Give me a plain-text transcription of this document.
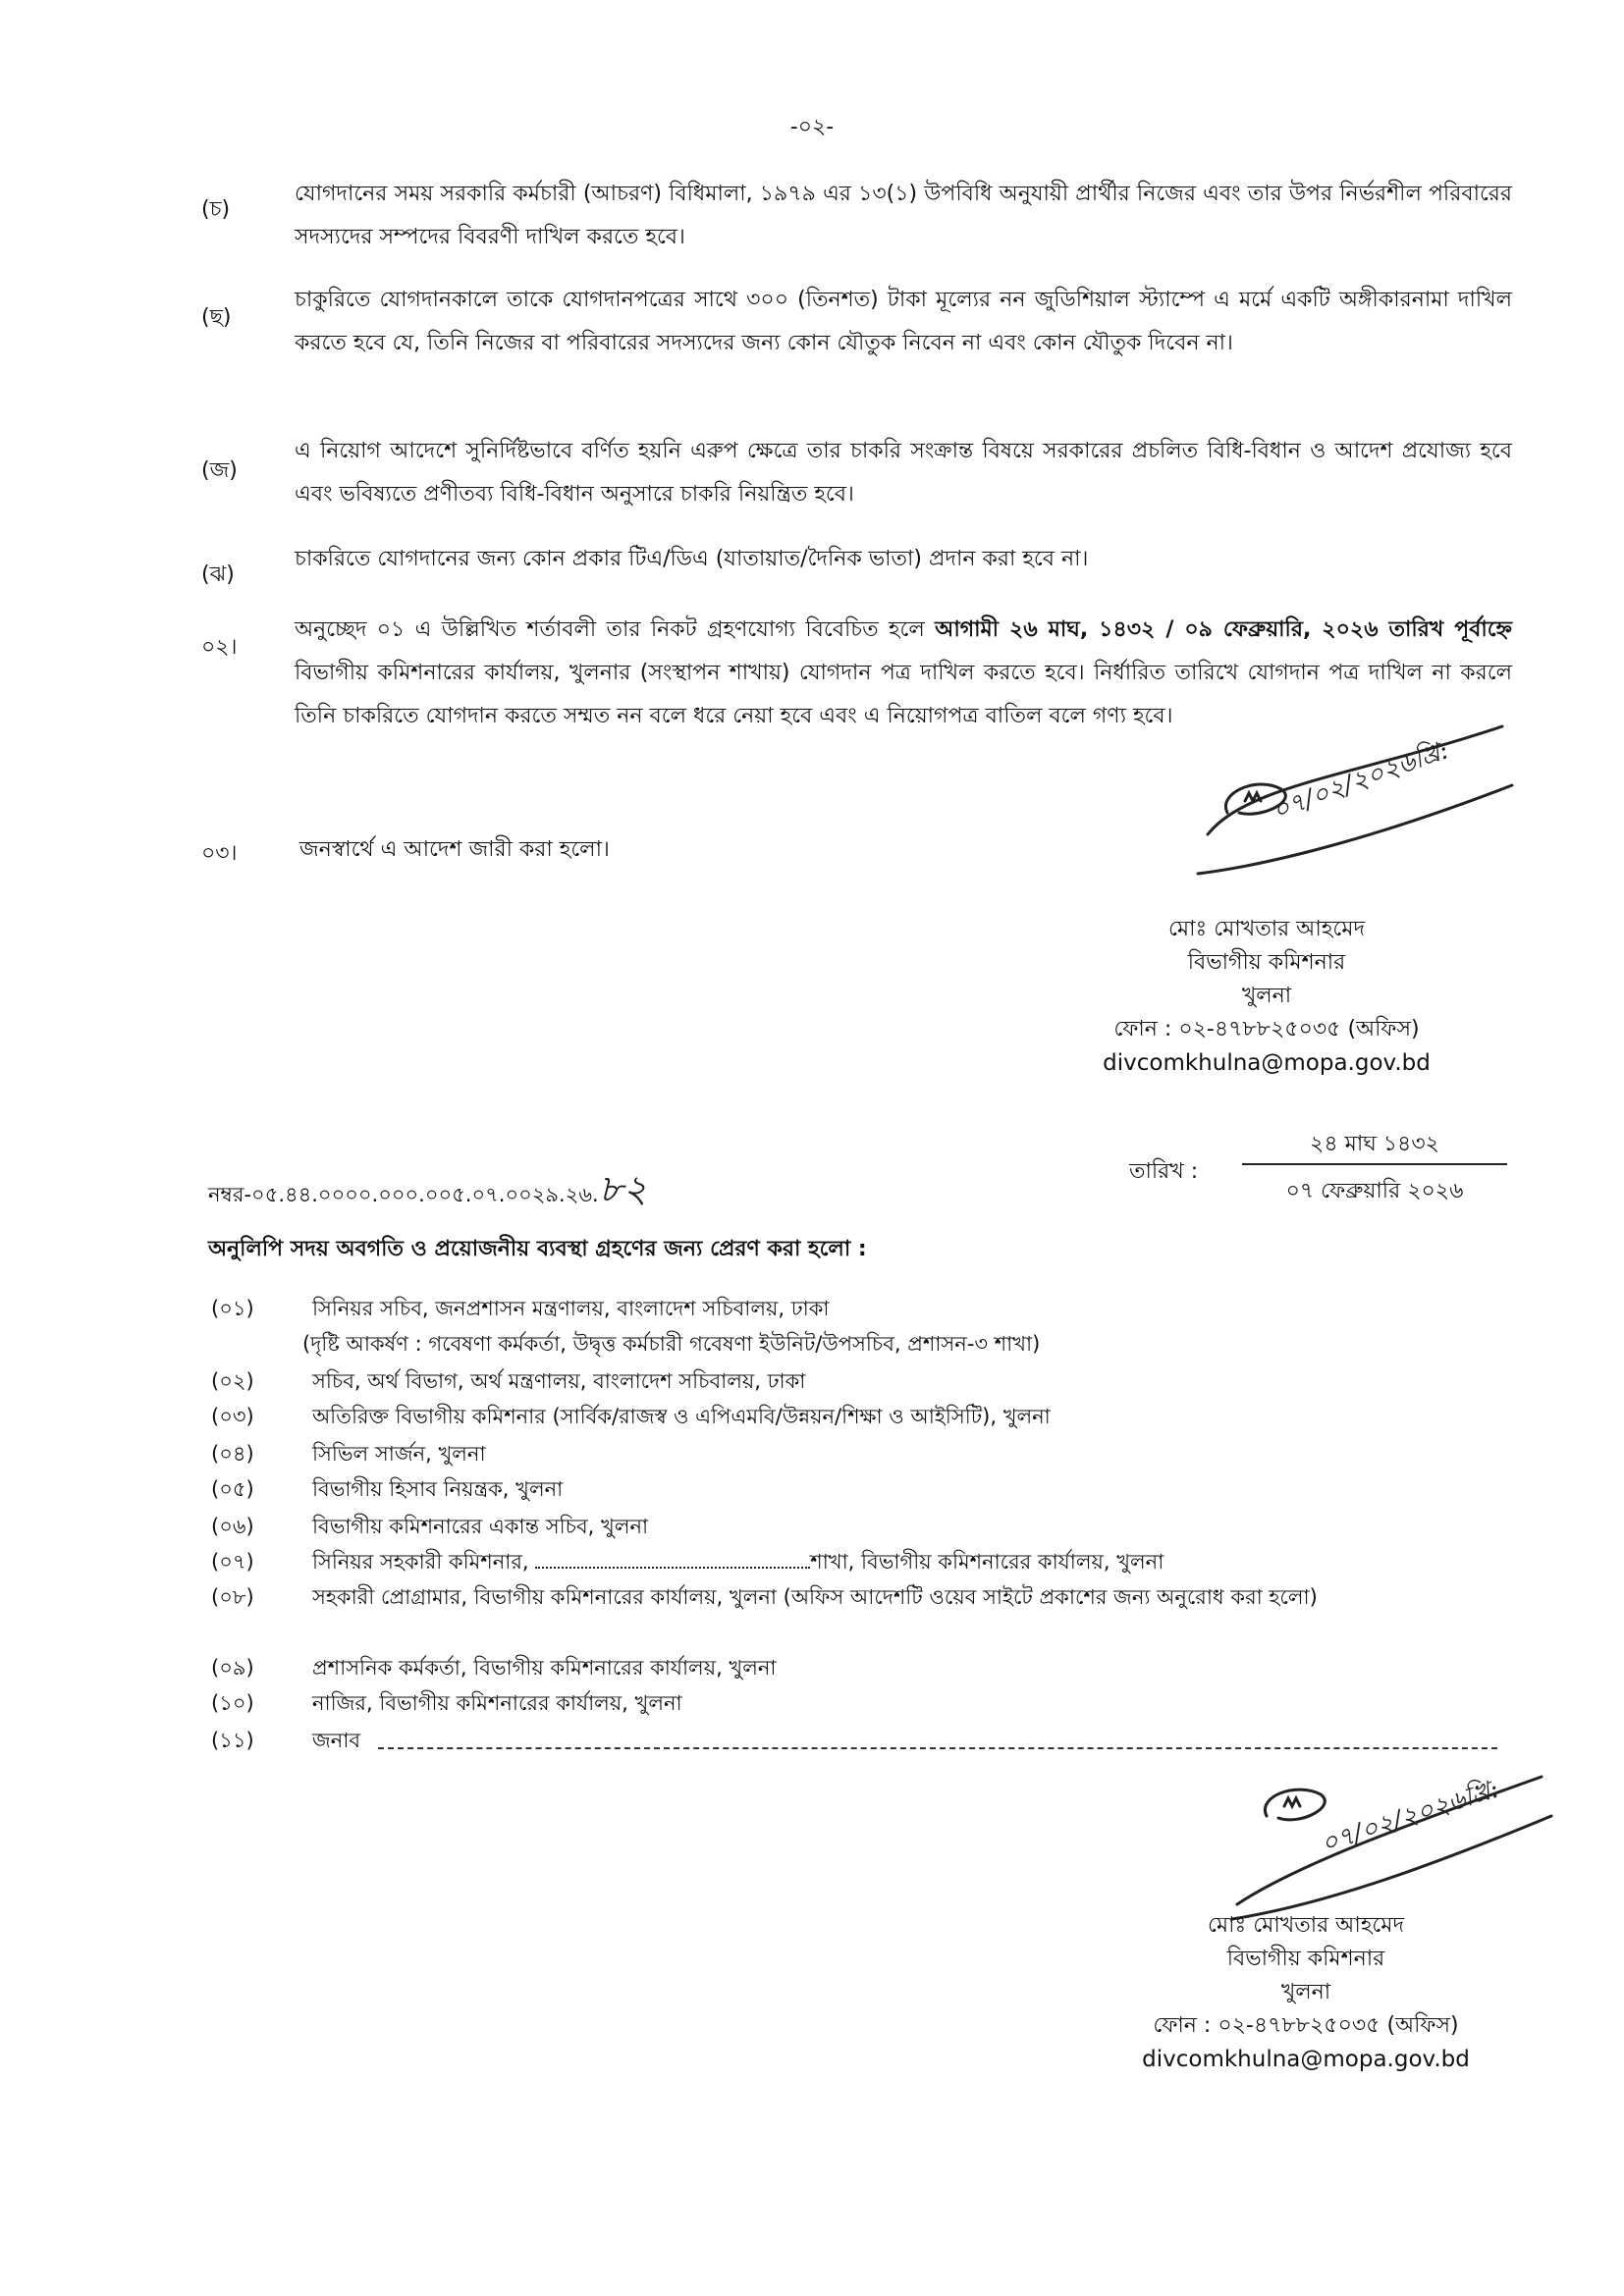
-০২-
(চ)
যোগদানের সময় সরকারি কর্মচারী (আচরণ) বিধিমালা, ১৯৭৯ এর ১৩(১) উপবিধি অনুযায়ী প্রার্থীর নিজের এবং তার উপর নির্ভরশীল পরিবারের সদস্যদের সম্পদের বিবরণী দাখিল করতে হবে।
(ছ)
চাকুরিতে যোগদানকালে তাকে যোগদানপত্রের সাথে ৩০০ (তিনশত) টাকা মূল্যের নন জুডিশিয়াল স্ট্যাম্পে এ মর্মে একটি অঙ্গীকারনামা দাখিল করতে হবে যে, তিনি নিজের বা পরিবারের সদস্যদের জন্য কোন যৌতুক নিবেন না এবং কোন যৌতুক দিবেন না।
(জ)
এ নিয়োগ আদেশে সুনির্দিষ্টভাবে বর্ণিত হয়নি এরুপ ক্ষেত্রে তার চাকরি সংক্রান্ত বিষয়ে সরকারের প্রচলিত বিধি-বিধান ও আদেশ প্রযোজ্য হবে এবং ভবিষ্যতে প্রণীতব্য বিধি-বিধান অনুসারে চাকরি নিয়ন্ত্রিত হবে।
(ঝ)
চাকরিতে যোগদানের জন্য কোন প্রকার টিএ/ডিএ (যাতায়াত/দৈনিক ভাতা) প্রদান করা হবে না।
০২।
অনুচ্ছেদ ০১ এ উল্লিখিত শর্তাবলী তার নিকট গ্রহণযোগ্য বিবেচিত হলে আগামী ২৬ মাঘ, ১৪৩২ / ০৯ ফেব্রুয়ারি, ২০২৬ তারিখ পূর্বাহ্নে বিভাগীয় কমিশনারের কার্যালয়, খুলনার (সংস্থাপন শাখায়) যোগদান পত্র দাখিল করতে হবে। নির্ধারিত তারিখে যোগদান পত্র দাখিল না করলে তিনি চাকরিতে যোগদান করতে সম্মত নন বলে ধরে নেয়া হবে এবং এ নিয়োগপত্র বাতিল বলে গণ্য হবে।
০৩।	জনস্বার্থে এ আদেশ জারী করা হলো।
০৭/০২/২০২৬খ্রি:
মোঃ মোখতার আহমেদ
বিভাগীয় কমিশনার
খুলনা
ফোন : ০২-৪৭৮৮২৫০৩৫ (অফিস)
divcomkhulna@mopa.gov.bd
নম্বর-০৫.৪৪.০০০০.০০০.০০৫.০৭.০০২৯.২৬.৮২	তারিখ :
২৪ মাঘ ১৪৩২
০৭ ফেব্রুয়ারি ২০২৬
অনুলিপি সদয় অবগতি ও প্রয়োজনীয় ব্যবস্থা গ্রহণের জন্য প্রেরণ করা হলো :
(০১)	সিনিয়র সচিব, জনপ্রশাসন মন্ত্রণালয়, বাংলাদেশ সচিবালয়, ঢাকা
(দৃষ্টি আকর্ষণ : গবেষণা কর্মকর্তা, উদ্বৃত্ত কর্মচারী গবেষণা ইউনিট/উপসচিব, প্রশাসন-৩ শাখা)
(০২)	সচিব, অর্থ বিভাগ, অর্থ মন্ত্রণালয়, বাংলাদেশ সচিবালয়, ঢাকা
(০৩)	অতিরিক্ত বিভাগীয় কমিশনার (সার্বিক/রাজস্ব ও এপিএমবি/উন্নয়ন/শিক্ষা ও আইসিটি), খুলনা
(০৪)	সিভিল সার্জন, খুলনা
(০৫)	বিভাগীয় হিসাব নিয়ন্ত্রক, খুলনা
(০৬)	বিভাগীয় কমিশনারের একান্ত সচিব, খুলনা
(০৭)	সিনিয়র সহকারী কমিশনার,	শাখা, বিভাগীয় কমিশনারের কার্যালয়, খুলনা
(০৮)	সহকারী প্রোগ্রামার, বিভাগীয় কমিশনারের কার্যালয়, খুলনা (অফিস আদেশটি ওয়েব সাইটে প্রকাশের জন্য অনুরোধ করা হলো)
(০৯)	প্রশাসনিক কর্মকর্তা, বিভাগীয় কমিশনারের কার্যালয়, খুলনা
(১০)	নাজির, বিভাগীয় কমিশনারের কার্যালয়, খুলনা
(১১)	জনাব
০৭/০২/২০২৬খ্রি:
মোঃ মোখতার আহমেদ
বিভাগীয় কমিশনার
খুলনা
ফোন : ০২-৪৭৮৮২৫০৩৫ (অফিস)
divcomkhulna@mopa.gov.bd
